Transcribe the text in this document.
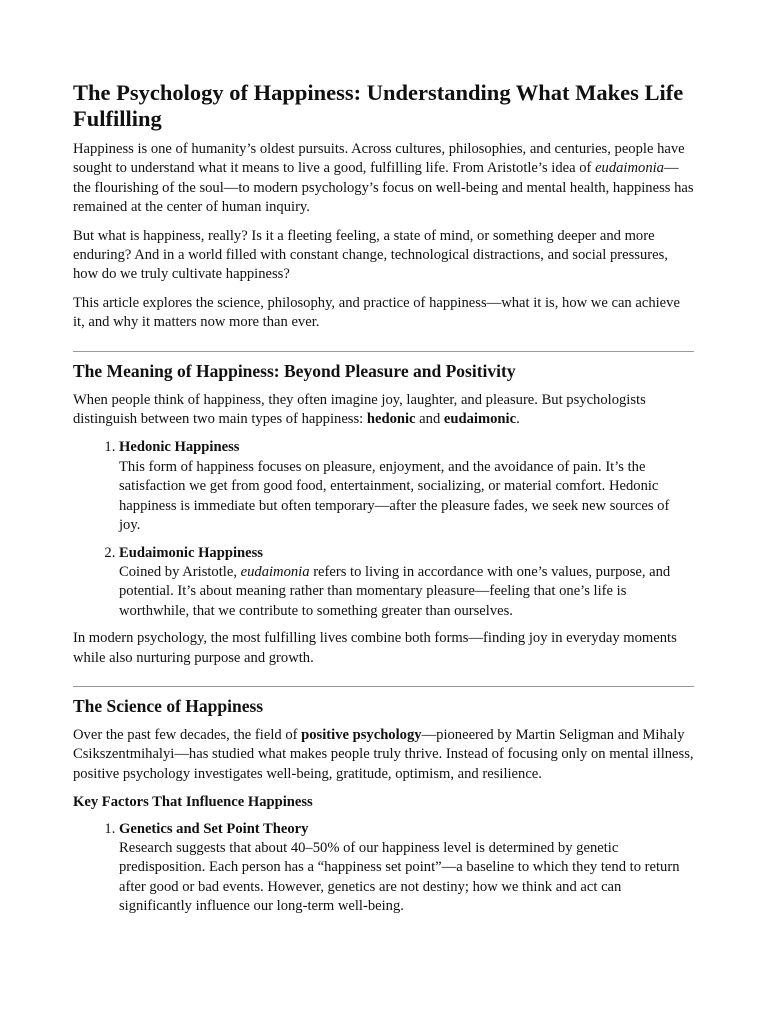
The Psychology of Happiness: Understanding What Makes Life Fulfilling

Happiness is one of humanity’s oldest pursuits. Across cultures, philosophies, and centuries, people have sought to understand what it means to live a good, fulfilling life. From Aristotle’s idea of eudaimonia—the flourishing of the soul—to modern psychology’s focus on well-being and mental health, happiness has remained at the center of human inquiry.

But what is happiness, really? Is it a fleeting feeling, a state of mind, or something deeper and more enduring? And in a world filled with constant change, technological distractions, and social pressures, how do we truly cultivate happiness?

This article explores the science, philosophy, and practice of happiness—what it is, how we can achieve it, and why it matters now more than ever.

The Meaning of Happiness: Beyond Pleasure and Positivity

When people think of happiness, they often imagine joy, laughter, and pleasure. But psychologists distinguish between two main types of happiness: hedonic and eudaimonic.

1. Hedonic Happiness
This form of happiness focuses on pleasure, enjoyment, and the avoidance of pain. It’s the satisfaction we get from good food, entertainment, socializing, or material comfort. Hedonic happiness is immediate but often temporary—after the pleasure fades, we seek new sources of joy.
2. Eudaimonic Happiness
Coined by Aristotle, eudaimonia refers to living in accordance with one’s values, purpose, and potential. It’s about meaning rather than momentary pleasure—feeling that one’s life is worthwhile, that we contribute to something greater than ourselves.

In modern psychology, the most fulfilling lives combine both forms—finding joy in everyday moments while also nurturing purpose and growth.

The Science of Happiness

Over the past few decades, the field of positive psychology—pioneered by Martin Seligman and Mihaly Csikszentmihalyi—has studied what makes people truly thrive. Instead of focusing only on mental illness, positive psychology investigates well-being, gratitude, optimism, and resilience.

Key Factors That Influence Happiness
1. Genetics and Set Point Theory
Research suggests that about 40–50% of our happiness level is determined by genetic predisposition. Each person has a “happiness set point”—a baseline to which they tend to return after good or bad events. However, genetics are not destiny; how we think and act can significantly influence our long-term well-being.
